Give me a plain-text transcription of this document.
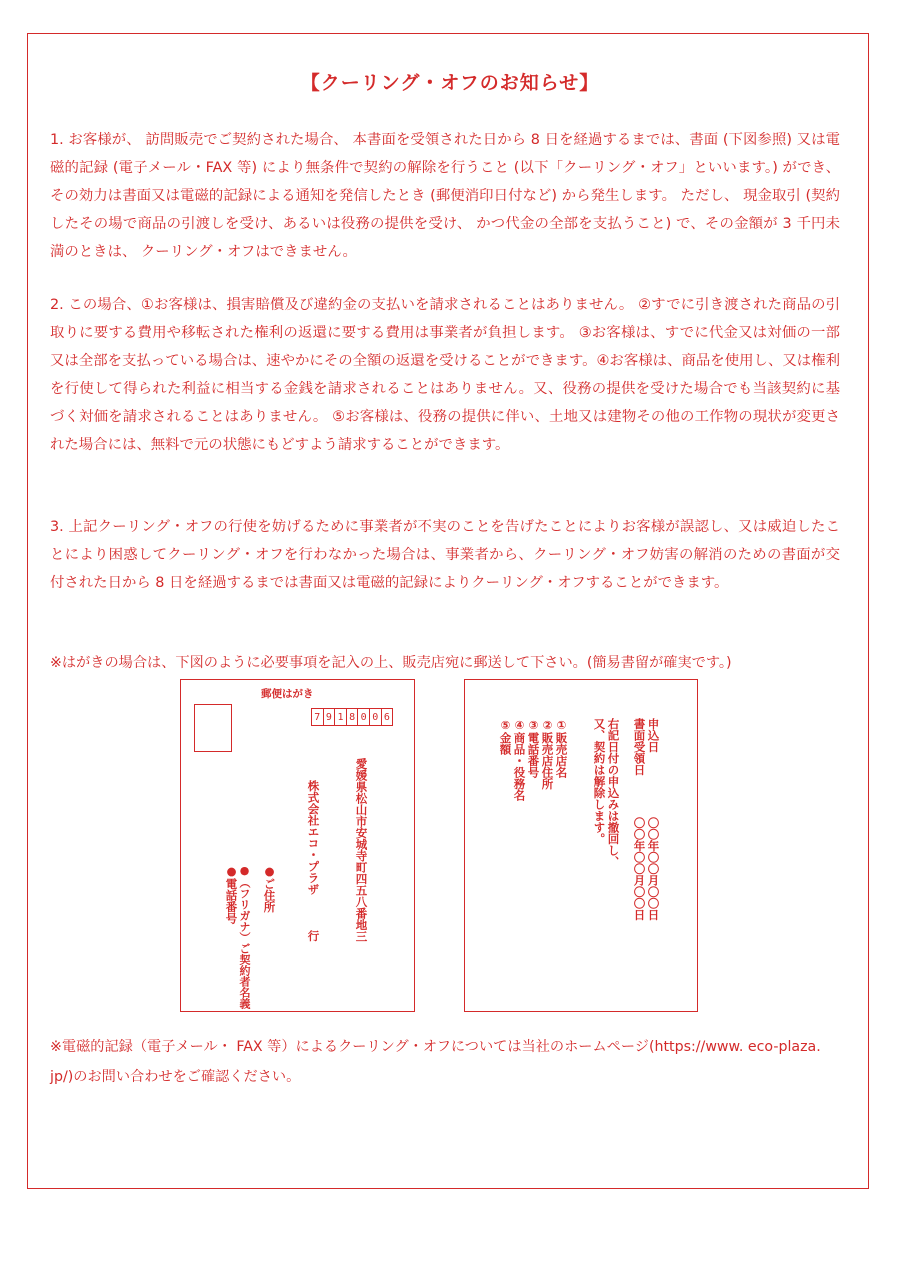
【クーリング・オフのお知らせ】

1. お客様が、 訪問販売でご契約された場合、 本書面を受領された日から 8 日を経過するまでは、書面 (下図参照) 又は電磁的記録 (電子メール・FAX 等) により無条件で契約の解除を行うこと (以下「クーリング・オフ」といいます。) ができ、その効力は書面又は電磁的記録による通知を発信したとき (郵便消印日付など) から発生します。 ただし、 現金取引 (契約したその場で商品の引渡しを受け、あるいは役務の提供を受け、 かつ代金の全部を支払うこと) で、その金額が 3 千円未満のときは、 クーリング・オフはできません。

2. この場合、①お客様は、損害賠償及び違約金の支払いを請求されることはありません。 ②すでに引き渡された商品の引取りに要する費用や移転された権利の返還に要する費用は事業者が負担します。 ③お客様は、すでに代金又は対価の一部又は全部を支払っている場合は、速やかにその全額の返還を受けることができます。④お客様は、商品を使用し、又は権利を行使して得られた利益に相当する金銭を請求されることはありません。又、役務の提供を受けた場合でも当該契約に基づく対価を請求されることはありません。 ⑤お客様は、役務の提供に伴い、土地又は建物その他の工作物の現状が変更された場合には、無料で元の状態にもどすよう請求することができます。

3. 上記クーリング・オフの行使を妨げるために事業者が不実のことを告げたことによりお客様が誤認し、又は威迫したことにより困惑してクーリング・オフを行わなかった場合は、事業者から、クーリング・オフ妨害の解消のための書面が交付された日から 8 日を経過するまでは書面又は電磁的記録によりクーリング・オフすることができます。

※はがきの場合は、下図のように必要事項を記入の上、販売店宛に郵送して下さい。(簡易書留が確実です。)
郵便はがき
7 9 1 8 0 0 6
愛媛県松山市安城寺町四五八番地三
株式会社エコ・プラザ
行
●ご住所
●（フリガナ）ご契約者名義
●電話番号
申込日
〇〇年〇〇月〇〇日
書面受領日
〇〇年〇〇月〇〇日
右記日付の申込みは撤回し、
又、契約は解除します。
①販売店名
②販売店住所
③電話番号
④商品・役務名
⑤金額
※電磁的記録（電子メール・ FAX 等）によるクーリング・オフについては当社のホームページ(https://www. eco-plaza. jp/)のお問い合わせをご確認ください。
